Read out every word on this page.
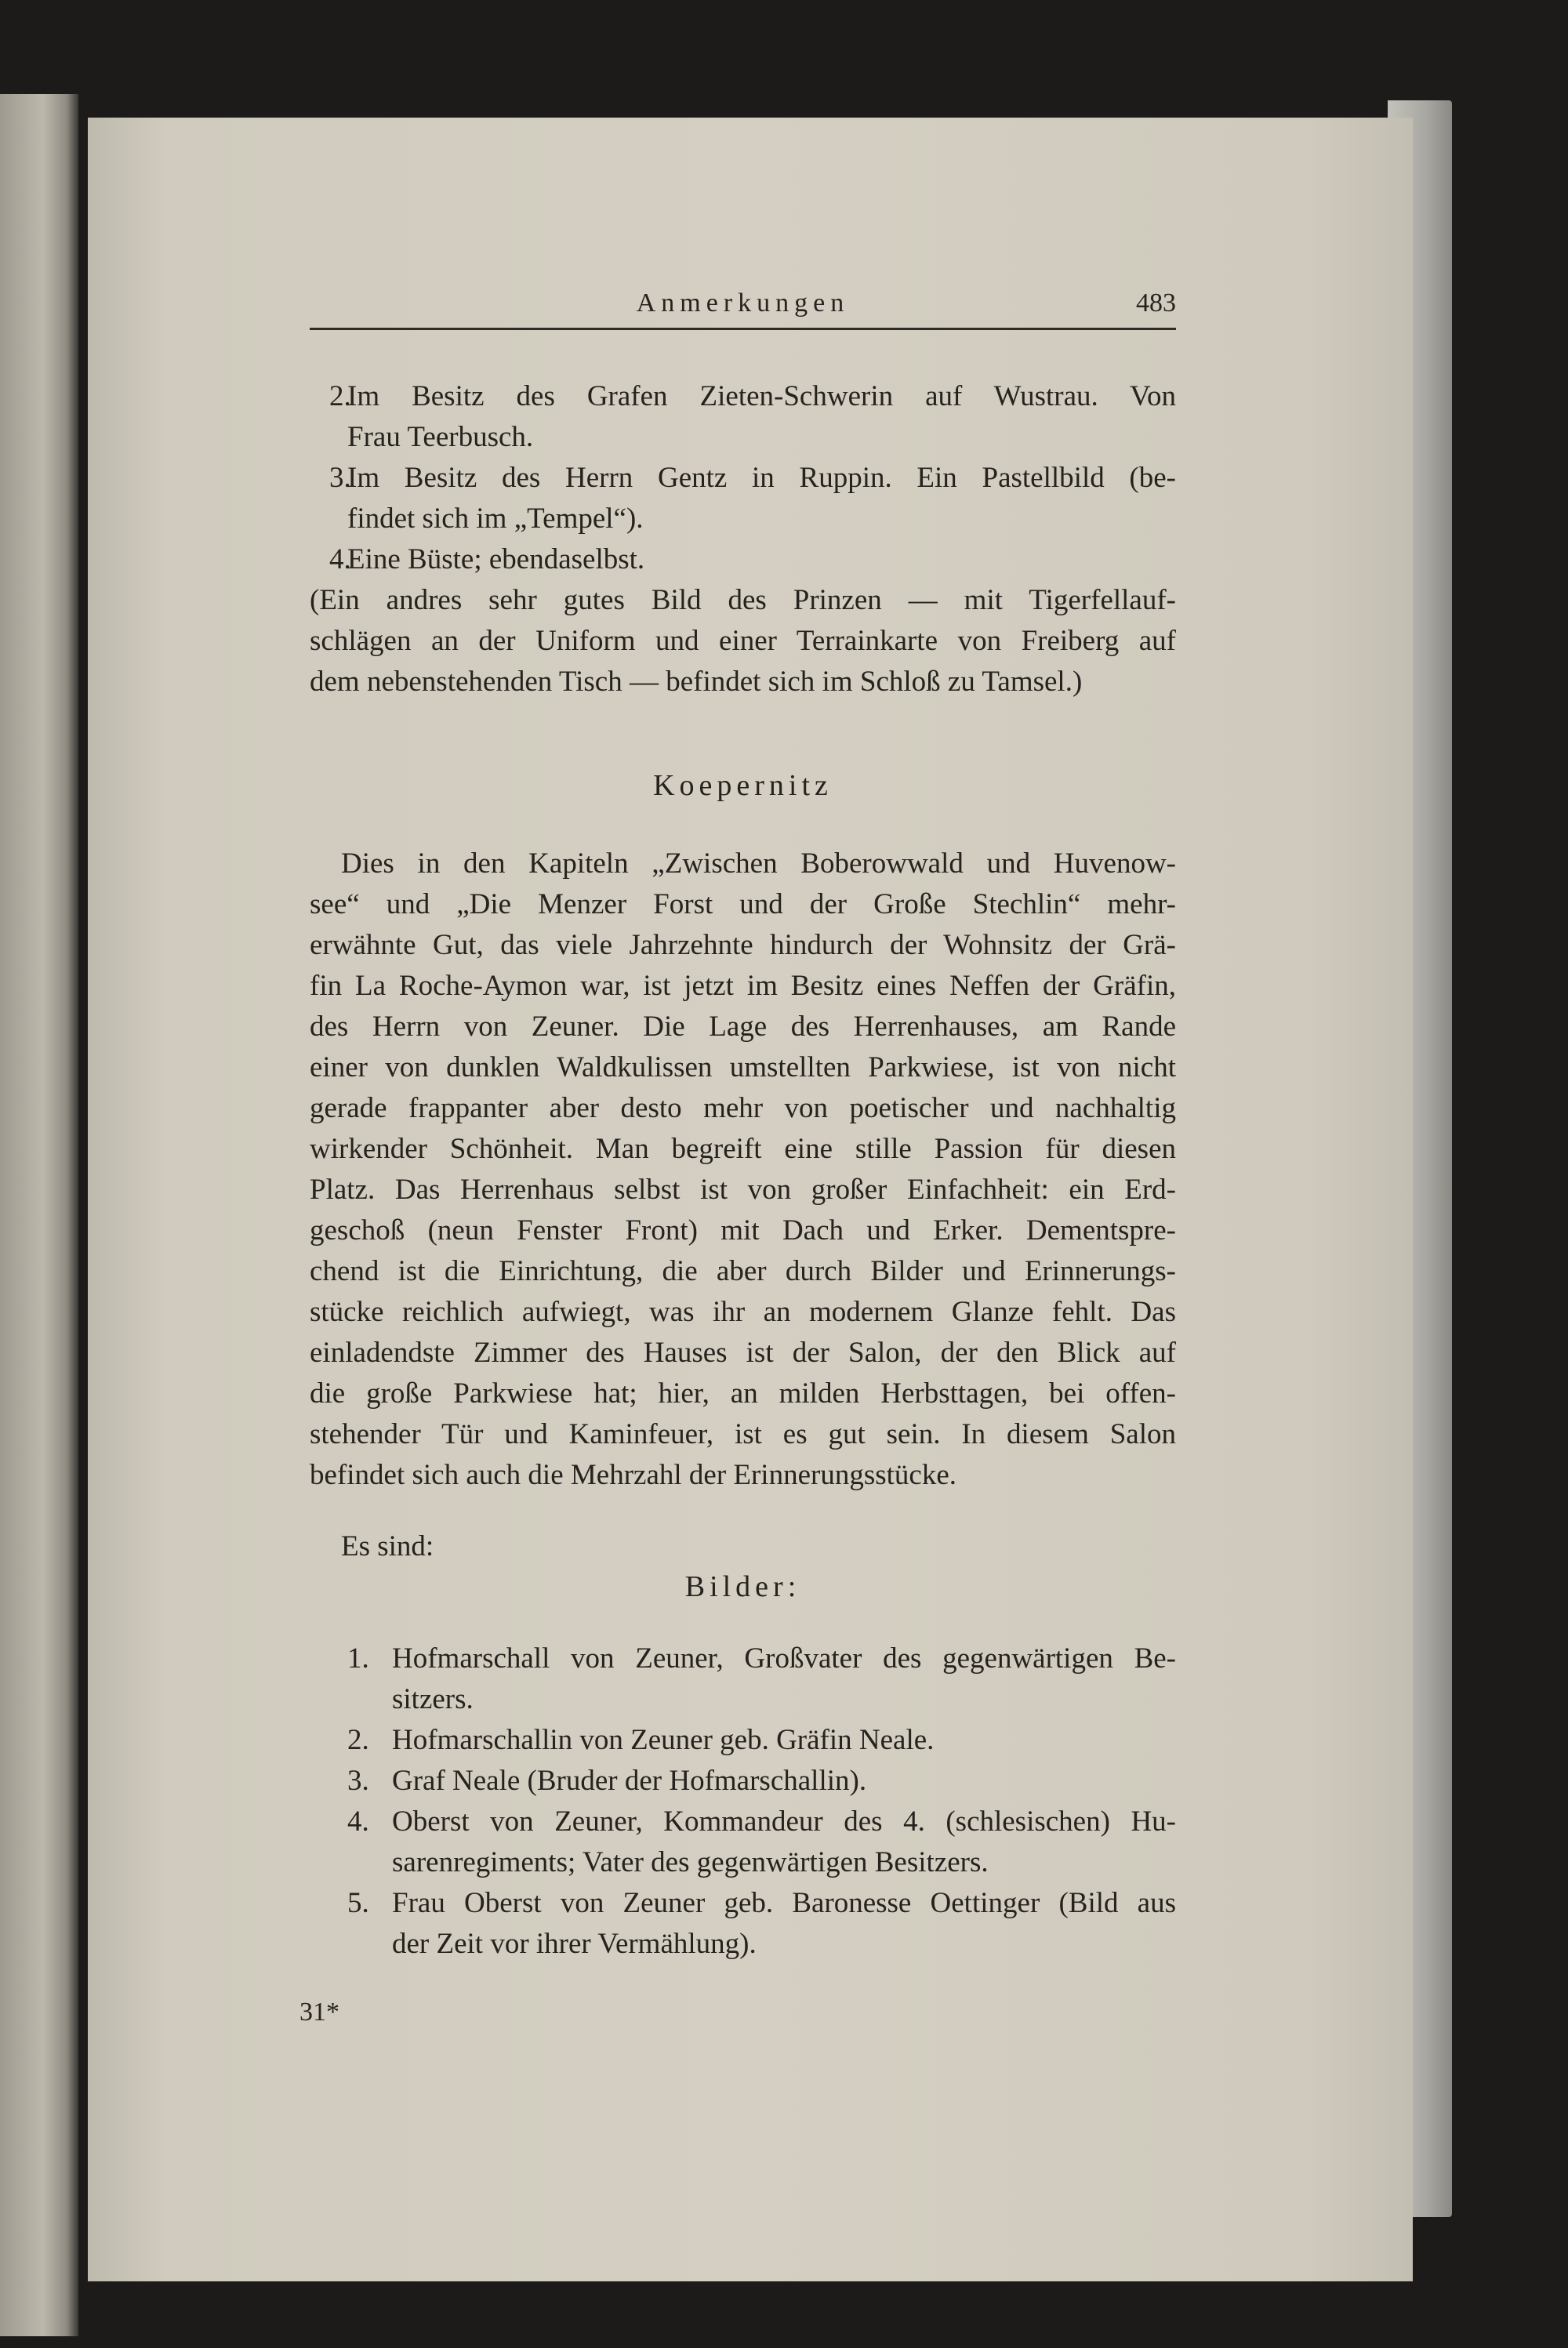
Anmerkungen	483
2.
Im Besitz des Grafen Zieten-Schwerin auf Wustrau. Von
Frau Teerbusch.
3.
Im Besitz des Herrn Gentz in Ruppin. Ein Pastellbild (be-
findet sich im „Tempel“).
4.
Eine Büste; ebendaselbst.
(Ein andres sehr gutes Bild des Prinzen — mit Tigerfellauf-
schlägen an der Uniform und einer Terrainkarte von Freiberg auf
dem nebenstehenden Tisch — befindet sich im Schloß zu Tamsel.)
Koepernitz
Dies in den Kapiteln „Zwischen Boberowwald und Huvenow-
see“ und „Die Menzer Forst und der Große Stechlin“ mehr-
erwähnte Gut, das viele Jahrzehnte hindurch der Wohnsitz der Grä-
fin La Roche-Aymon war, ist jetzt im Besitz eines Neffen der Gräfin,
des Herrn von Zeuner. Die Lage des Herrenhauses, am Rande
einer von dunklen Waldkulissen umstellten Parkwiese, ist von nicht
gerade frappanter aber desto mehr von poetischer und nachhaltig
wirkender Schönheit. Man begreift eine stille Passion für diesen
Platz. Das Herrenhaus selbst ist von großer Einfachheit: ein Erd-
geschoß (neun Fenster Front) mit Dach und Erker. Dementspre-
chend ist die Einrichtung, die aber durch Bilder und Erinnerungs-
stücke reichlich aufwiegt, was ihr an modernem Glanze fehlt. Das
einladendste Zimmer des Hauses ist der Salon, der den Blick auf
die große Parkwiese hat; hier, an milden Herbsttagen, bei offen-
stehender Tür und Kaminfeuer, ist es gut sein. In diesem Salon
befindet sich auch die Mehrzahl der Erinnerungsstücke.
Es sind:
Bilder:
1. Hofmarschall von Zeuner, Großvater des gegenwärtigen Be-
sitzers.
2. Hofmarschallin von Zeuner geb. Gräfin Neale.
3. Graf Neale (Bruder der Hofmarschallin).
4. Oberst von Zeuner, Kommandeur des 4. (schlesischen) Hu-
sarenregiments; Vater des gegenwärtigen Besitzers.
5. Frau Oberst von Zeuner geb. Baronesse Oettinger (Bild aus
der Zeit vor ihrer Vermählung).
31*
